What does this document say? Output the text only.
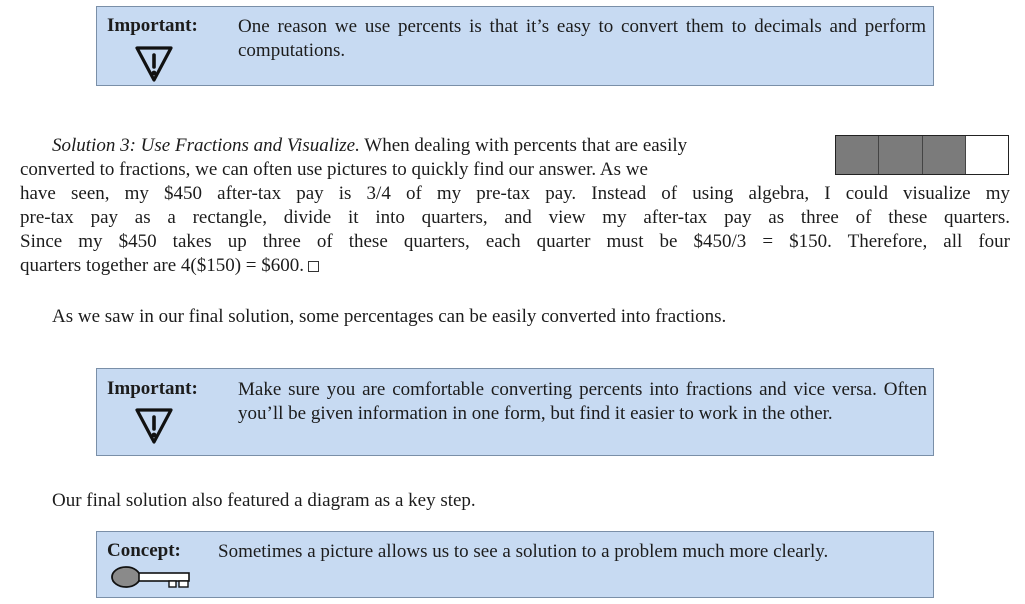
Important: One reason we use percents is that it’s easy to convert them to decimals and perform computations.
Solution 3: Use Fractions and Visualize. When dealing with percents that are easily
converted to fractions, we can often use pictures to quickly find our answer. As we
have seen, my $450 after-tax pay is 3/4 of my pre-tax pay. Instead of using algebra, I could visualize my
pre-tax pay as a rectangle, divide it into quarters, and view my after-tax pay as three of these quarters.
Since my $450 takes up three of these quarters, each quarter must be $450/3 = $150. Therefore, all four
quarters together are 4($150) = $600.
As we saw in our final solution, some percentages can be easily converted into fractions.
Important: Make sure you are comfortable converting percents into fractions and vice versa. Often you’ll be given information in one form, but find it easier to work in the other.
Our final solution also featured a diagram as a key step.
Concept: Sometimes a picture allows us to see a solution to a problem much more clearly.
